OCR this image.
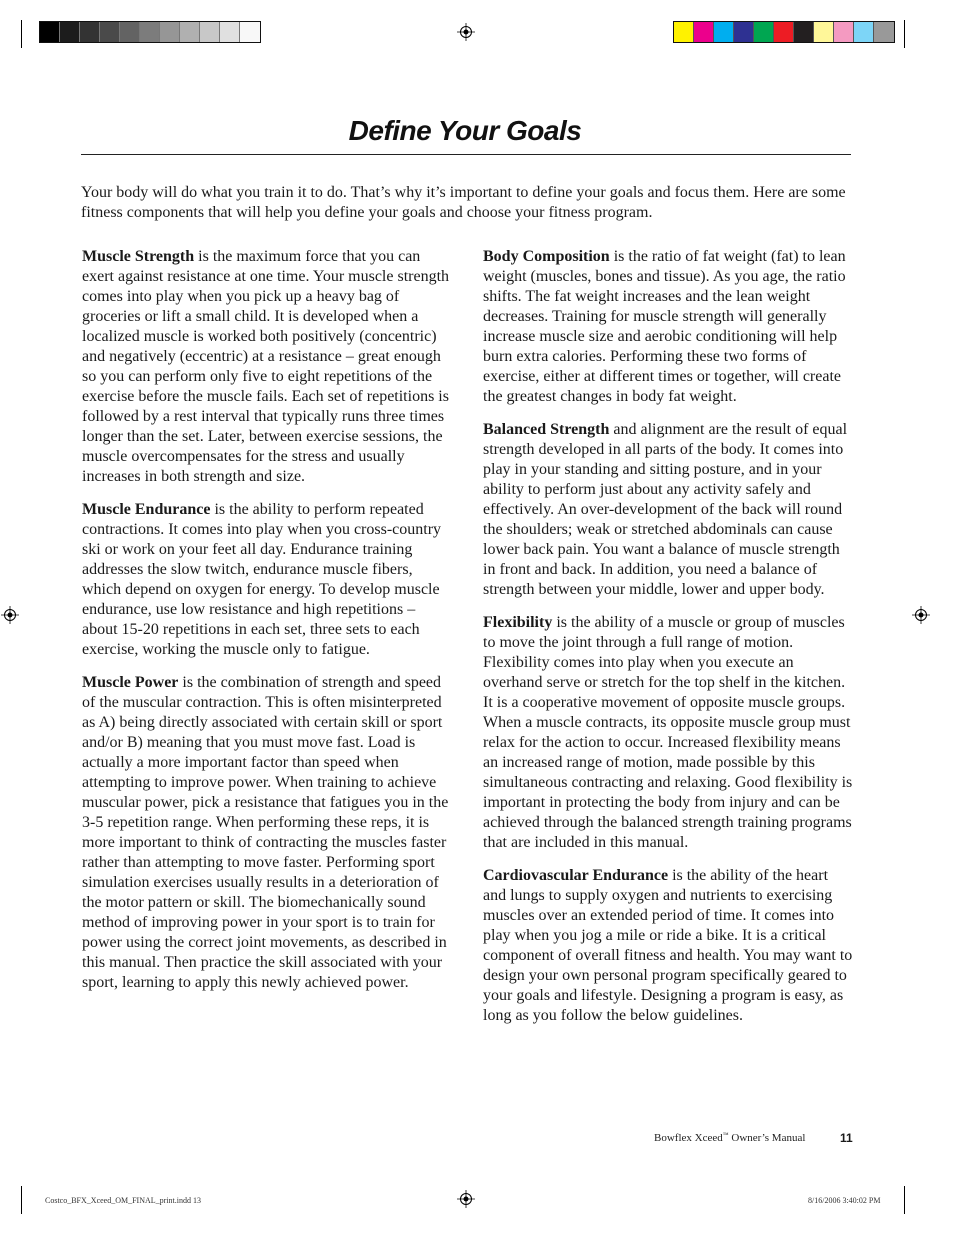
Define Your Goals

Your body will do what you train it to do. That’s why it’s important to define your goals and focus them. Here are some fitness components that will help you define your goals and choose your fitness program.

Muscle Strength is the maximum force that you can exert against resistance at one time. Your muscle strength comes into play when you pick up a heavy bag of groceries or lift a small child. It is developed when a localized muscle is worked both positively (concentric) and negatively (eccentric) at a resistance – great enough so you can perform only five to eight repetitions of the exercise before the muscle fails. Each set of repetitions is followed by a rest interval that typically runs three times longer than the set. Later, between exercise sessions, the muscle overcompensates for the stress and usually increases in both strength and size.

Muscle Endurance is the ability to perform repeated contractions. It comes into play when you cross-country ski or work on your feet all day. Endurance training addresses the slow twitch, endurance muscle fibers, which depend on oxygen for energy. To develop muscle endurance, use low resistance and high repetitions – about 15-20 repetitions in each set, three sets to each exercise, working the muscle only to fatigue.

Muscle Power is the combination of strength and speed of the muscular contraction. This is often misinterpreted as A) being directly associated with certain skill or sport and/or B) meaning that you must move fast. Load is actually a more important factor than speed when attempting to improve power. When training to achieve muscular power, pick a resistance that fatigues you in the 3-5 repetition range. When performing these reps, it is more important to think of contracting the muscles faster rather than attempting to move faster. Performing sport simulation exercises usually results in a deterioration of the motor pattern or skill. The biomechanically sound method of improving power in your sport is to train for power using the correct joint movements, as described in this manual. Then practice the skill associated with your sport, learning to apply this newly achieved power.

Body Composition is the ratio of fat weight (fat) to lean weight (muscles, bones and tissue). As you age, the ratio shifts. The fat weight increases and the lean weight decreases. Training for muscle strength will generally increase muscle size and aerobic conditioning will help burn extra calories. Performing these two forms of exercise, either at different times or together, will create the greatest changes in body fat weight.

Balanced Strength and alignment are the result of equal strength developed in all parts of the body. It comes into play in your standing and sitting posture, and in your ability to perform just about any activity safely and effectively. An over-development of the back will round the shoulders; weak or stretched abdominals can cause lower back pain. You want a balance of muscle strength in front and back. In addition, you need a balance of strength between your middle, lower and upper body.

Flexibility is the ability of a muscle or group of muscles to move the joint through a full range of motion. Flexibility comes into play when you execute an overhand serve or stretch for the top shelf in the kitchen. It is a cooperative movement of opposite muscle groups. When a muscle contracts, its opposite muscle group must relax for the action to occur. Increased flexibility means an increased range of motion, made possible by this simultaneous contracting and relaxing. Good flexibility is important in protecting the body from injury and can be achieved through the balanced strength training programs that are included in this manual.

Cardiovascular Endurance is the ability of the heart and lungs to supply oxygen and nutrients to exercising muscles over an extended period of time. It comes into play when you jog a mile or ride a bike. It is a critical component of overall fitness and health. You may want to design your own personal program specifically geared to your goals and lifestyle. Designing a program is easy, as long as you follow the below guidelines.

Bowflex Xceed™ Owner’s Manual	11
Costco_BFX_Xceed_OM_FINAL_print.indd 13	8/16/2006 3:40:02 PM
